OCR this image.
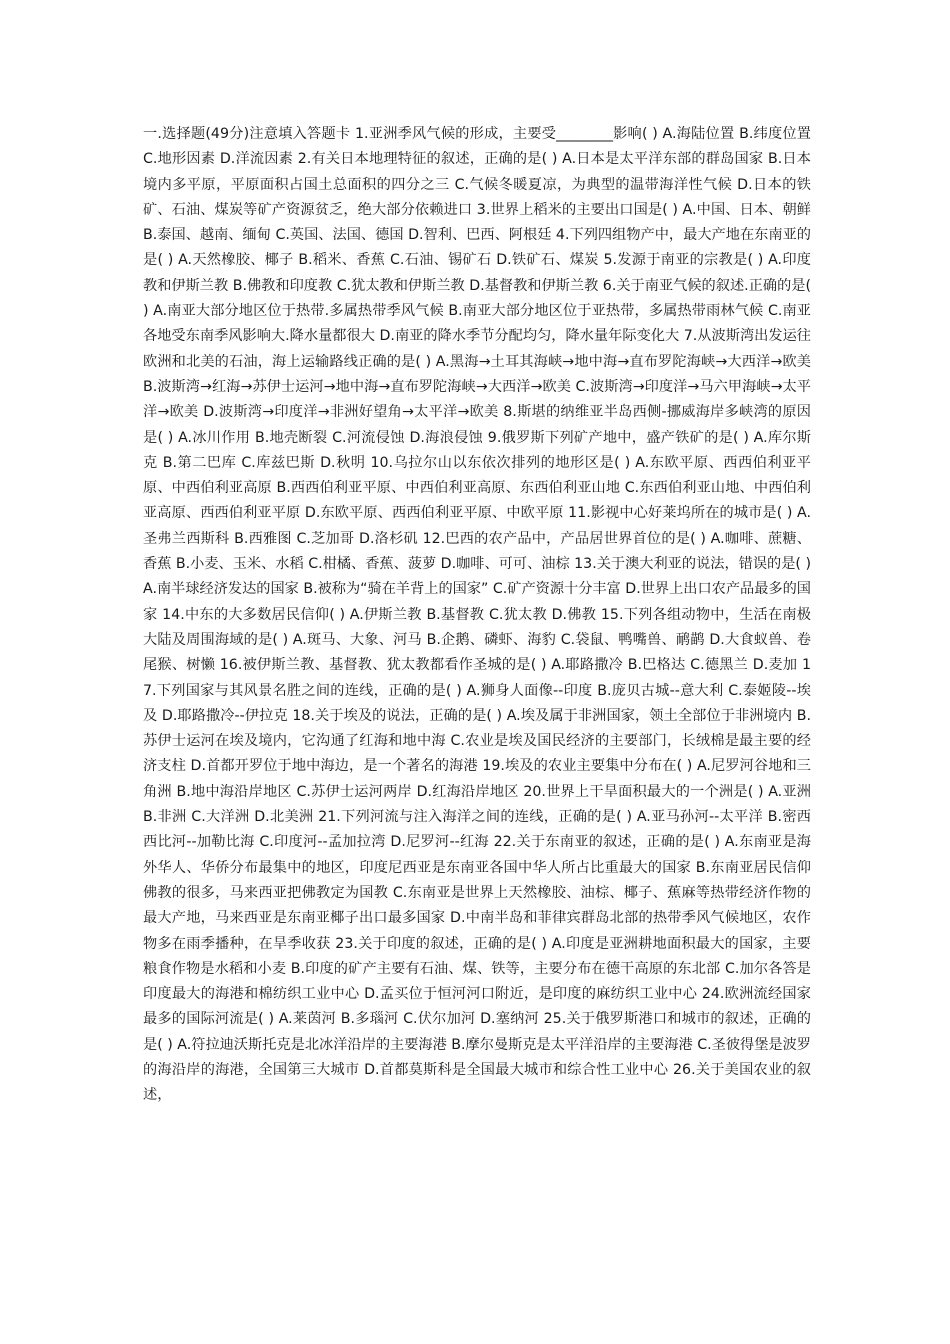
一.选择题(49分)注意填入答题卡 1.亚洲季风气候的形成，主要受________影响( ) A.海陆位置 B.纬度位置 C.地形因素 D.洋流因素 2.有关日本地理特征的叙述，正确的是( ) A.日本是太平洋东部的群岛国家 B.日本境内多平原，平原面积占国土总面积的四分之三 C.气候冬暖夏凉，为典型的温带海洋性气候 D.日本的铁矿、石油、煤炭等矿产资源贫乏，绝大部分依赖进口 3.世界上稻米的主要出口国是( ) A.中国、日本、朝鲜 B.泰国、越南、缅甸 C.英国、法国、德国 D.智利、巴西、阿根廷 4.下列四组物产中，最大产地在东南亚的是( ) A.天然橡胶、椰子 B.稻米、香蕉 C.石油、锡矿石 D.铁矿石、煤炭 5.发源于南亚的宗教是( ) A.印度教和伊斯兰教 B.佛教和印度教 C.犹太教和伊斯兰教 D.基督教和伊斯兰教 6.关于南亚气候的叙述.正确的是( ) A.南亚大部分地区位于热带.多属热带季风气候 B.南亚大部分地区位于亚热带，多属热带雨林气候 C.南亚各地受东南季风影响大.降水量都很大 D.南亚的降水季节分配均匀，降水量年际变化大 7.从波斯湾出发运往欧洲和北美的石油，海上运输路线正确的是( ) A.黑海→土耳其海峡→地中海→直布罗陀海峡→大西洋→欧美 B.波斯湾→红海→苏伊士运河→地中海→直布罗陀海峡→大西洋→欧美 C.波斯湾→印度洋→马六甲海峡→太平洋→欧美 D.波斯湾→印度洋→非洲好望角→太平洋→欧美 8.斯堪的纳维亚半岛西侧-挪威海岸多峡湾的原因是( ) A.冰川作用 B.地壳断裂 C.河流侵蚀 D.海浪侵蚀 9.俄罗斯下列矿产地中，盛产铁矿的是( ) A.库尔斯克 B.第二巴库 C.库兹巴斯 D.秋明 10.乌拉尔山以东依次排列的地形区是( ) A.东欧平原、西西伯利亚平原、中西伯利亚高原 B.西西伯利亚平原、中西伯利亚高原、东西伯利亚山地 C.东西伯利亚山地、中西伯利亚高原、西西伯利亚平原 D.东欧平原、西西伯利亚平原、中欧平原 11.影视中心好莱坞所在的城市是( ) A.圣弗兰西斯科 B.西雅图 C.芝加哥 D.洛杉矶 12.巴西的农产品中，产品居世界首位的是( ) A.咖啡、蔗糖、香蕉 B.小麦、玉米、水稻 C.柑橘、香蕉、菠萝 D.咖啡、可可、油棕 13.关于澳大利亚的说法，错误的是( ) A.南半球经济发达的国家 B.被称为“骑在羊背上的国家” C.矿产资源十分丰富 D.世界上出口农产品最多的国家 14.中东的大多数居民信仰( ) A.伊斯兰教 B.基督教 C.犹太教 D.佛教 15.下列各组动物中，生活在南极大陆及周围海域的是( ) A.斑马、大象、河马 B.企鹅、磷虾、海豹 C.袋鼠、鸭嘴兽、鸸鹋 D.大食蚁兽、卷尾猴、树懒 16.被伊斯兰教、基督教、犹太教都看作圣城的是( ) A.耶路撒冷 B.巴格达 C.德黑兰 D.麦加 17.下列国家与其风景名胜之间的连线，正确的是( ) A.狮身人面像--印度 B.庞贝古城--意大利 C.泰姬陵--埃及 D.耶路撒冷--伊拉克 18.关于埃及的说法，正确的是( ) A.埃及属于非洲国家，领土全部位于非洲境内 B.苏伊士运河在埃及境内，它沟通了红海和地中海 C.农业是埃及国民经济的主要部门，长绒棉是最主要的经济支柱 D.首都开罗位于地中海边，是一个著名的海港 19.埃及的农业主要集中分布在( ) A.尼罗河谷地和三角洲 B.地中海沿岸地区 C.苏伊士运河两岸 D.红海沿岸地区 20.世界上干旱面积最大的一个洲是( ) A.亚洲 B.非洲 C.大洋洲 D.北美洲 21.下列河流与注入海洋之间的连线，正确的是( ) A.亚马孙河--太平洋 B.密西西比河--加勒比海 C.印度河--孟加拉湾 D.尼罗河--红海 22.关于东南亚的叙述，正确的是( ) A.东南亚是海外华人、华侨分布最集中的地区，印度尼西亚是东南亚各国中华人所占比重最大的国家 B.东南亚居民信仰佛教的很多，马来西亚把佛教定为国教 C.东南亚是世界上天然橡胶、油棕、椰子、蕉麻等热带经济作物的最大产地，马来西亚是东南亚椰子出口最多国家 D.中南半岛和菲律宾群岛北部的热带季风气候地区，农作物多在雨季播种，在旱季收获 23.关于印度的叙述，正确的是( ) A.印度是亚洲耕地面积最大的国家，主要粮食作物是水稻和小麦 B.印度的矿产主要有石油、煤、铁等，主要分布在德干高原的东北部 C.加尔各答是印度最大的海港和棉纺织工业中心 D.孟买位于恒河河口附近，是印度的麻纺织工业中心 24.欧洲流经国家最多的国际河流是( ) A.莱茵河 B.多瑙河 C.伏尔加河 D.塞纳河 25.关于俄罗斯港口和城市的叙述，正确的是( ) A.符拉迪沃斯托克是北冰洋沿岸的主要海港 B.摩尔曼斯克是太平洋沿岸的主要海港 C.圣彼得堡是波罗的海沿岸的海港，全国第三大城市 D.首都莫斯科是全国最大城市和综合性工业中心 26.关于美国农业的叙述，
